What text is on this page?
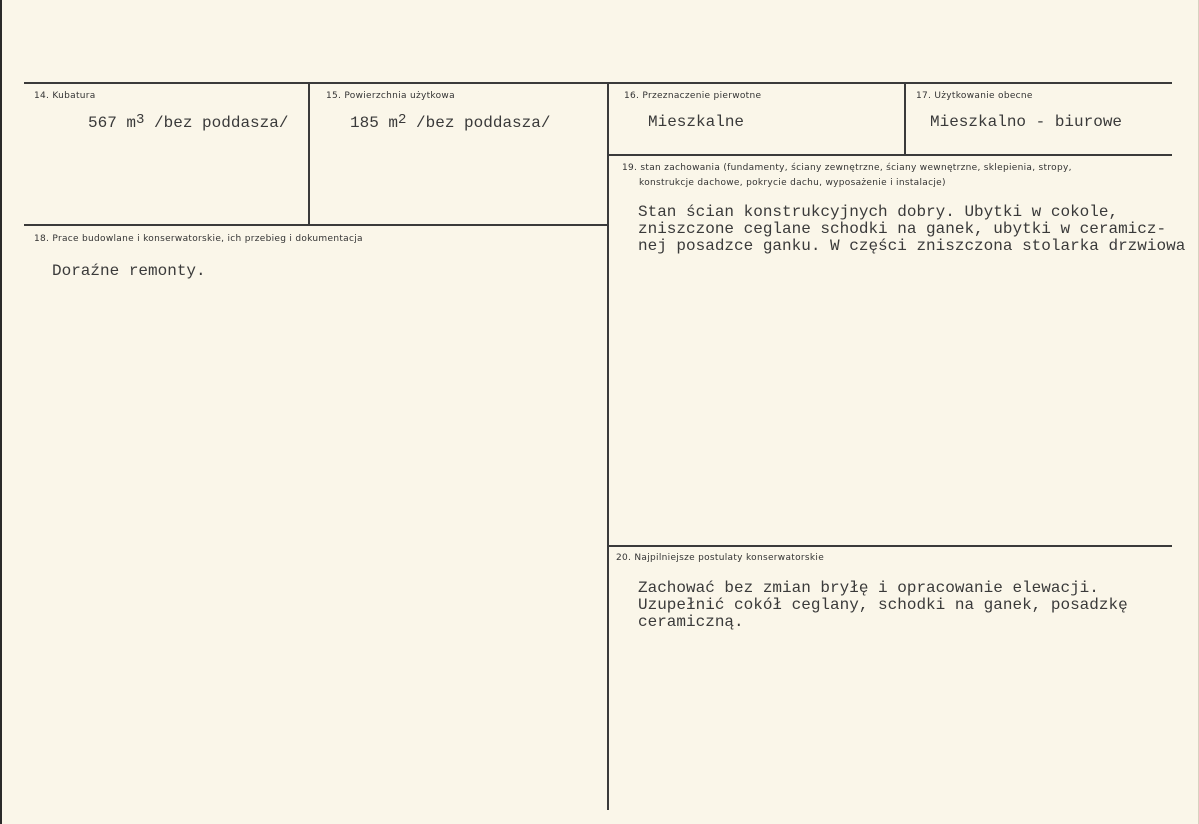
14. Kubatura
567 $m^3$ /bez poddasza/
15. Powierzchnia użytkowa
185 $m^2$ /bez poddasza/
16. Przeznaczenie pierwotne
Mieszkalne
17. Użytkowanie obecne
Mieszkalno - biurowe
18. Prace budowlane i konserwatorskie, ich przebieg i dokumentacja
Doraźne remonty.
19. stan zachowania (fundamenty, ściany zewnętrzne, ściany wewnętrzne, sklepienia, stropy,
konstrukcje dachowe, pokrycie dachu, wyposażenie i instalacje)
Stan ścian konstrukcyjnych dobry. Ubytki w cokole,
zniszczone ceglane schodki na ganek, ubytki w ceramicz-
nej posadzce ganku. W części zniszczona stolarka drzwiowa
20. Najpilniejsze postulaty konserwatorskie
Zachować bez zmian bryłę i opracowanie elewacji.
Uzupełnić cokół ceglany, schodki na ganek, posadzkę
ceramiczną.
